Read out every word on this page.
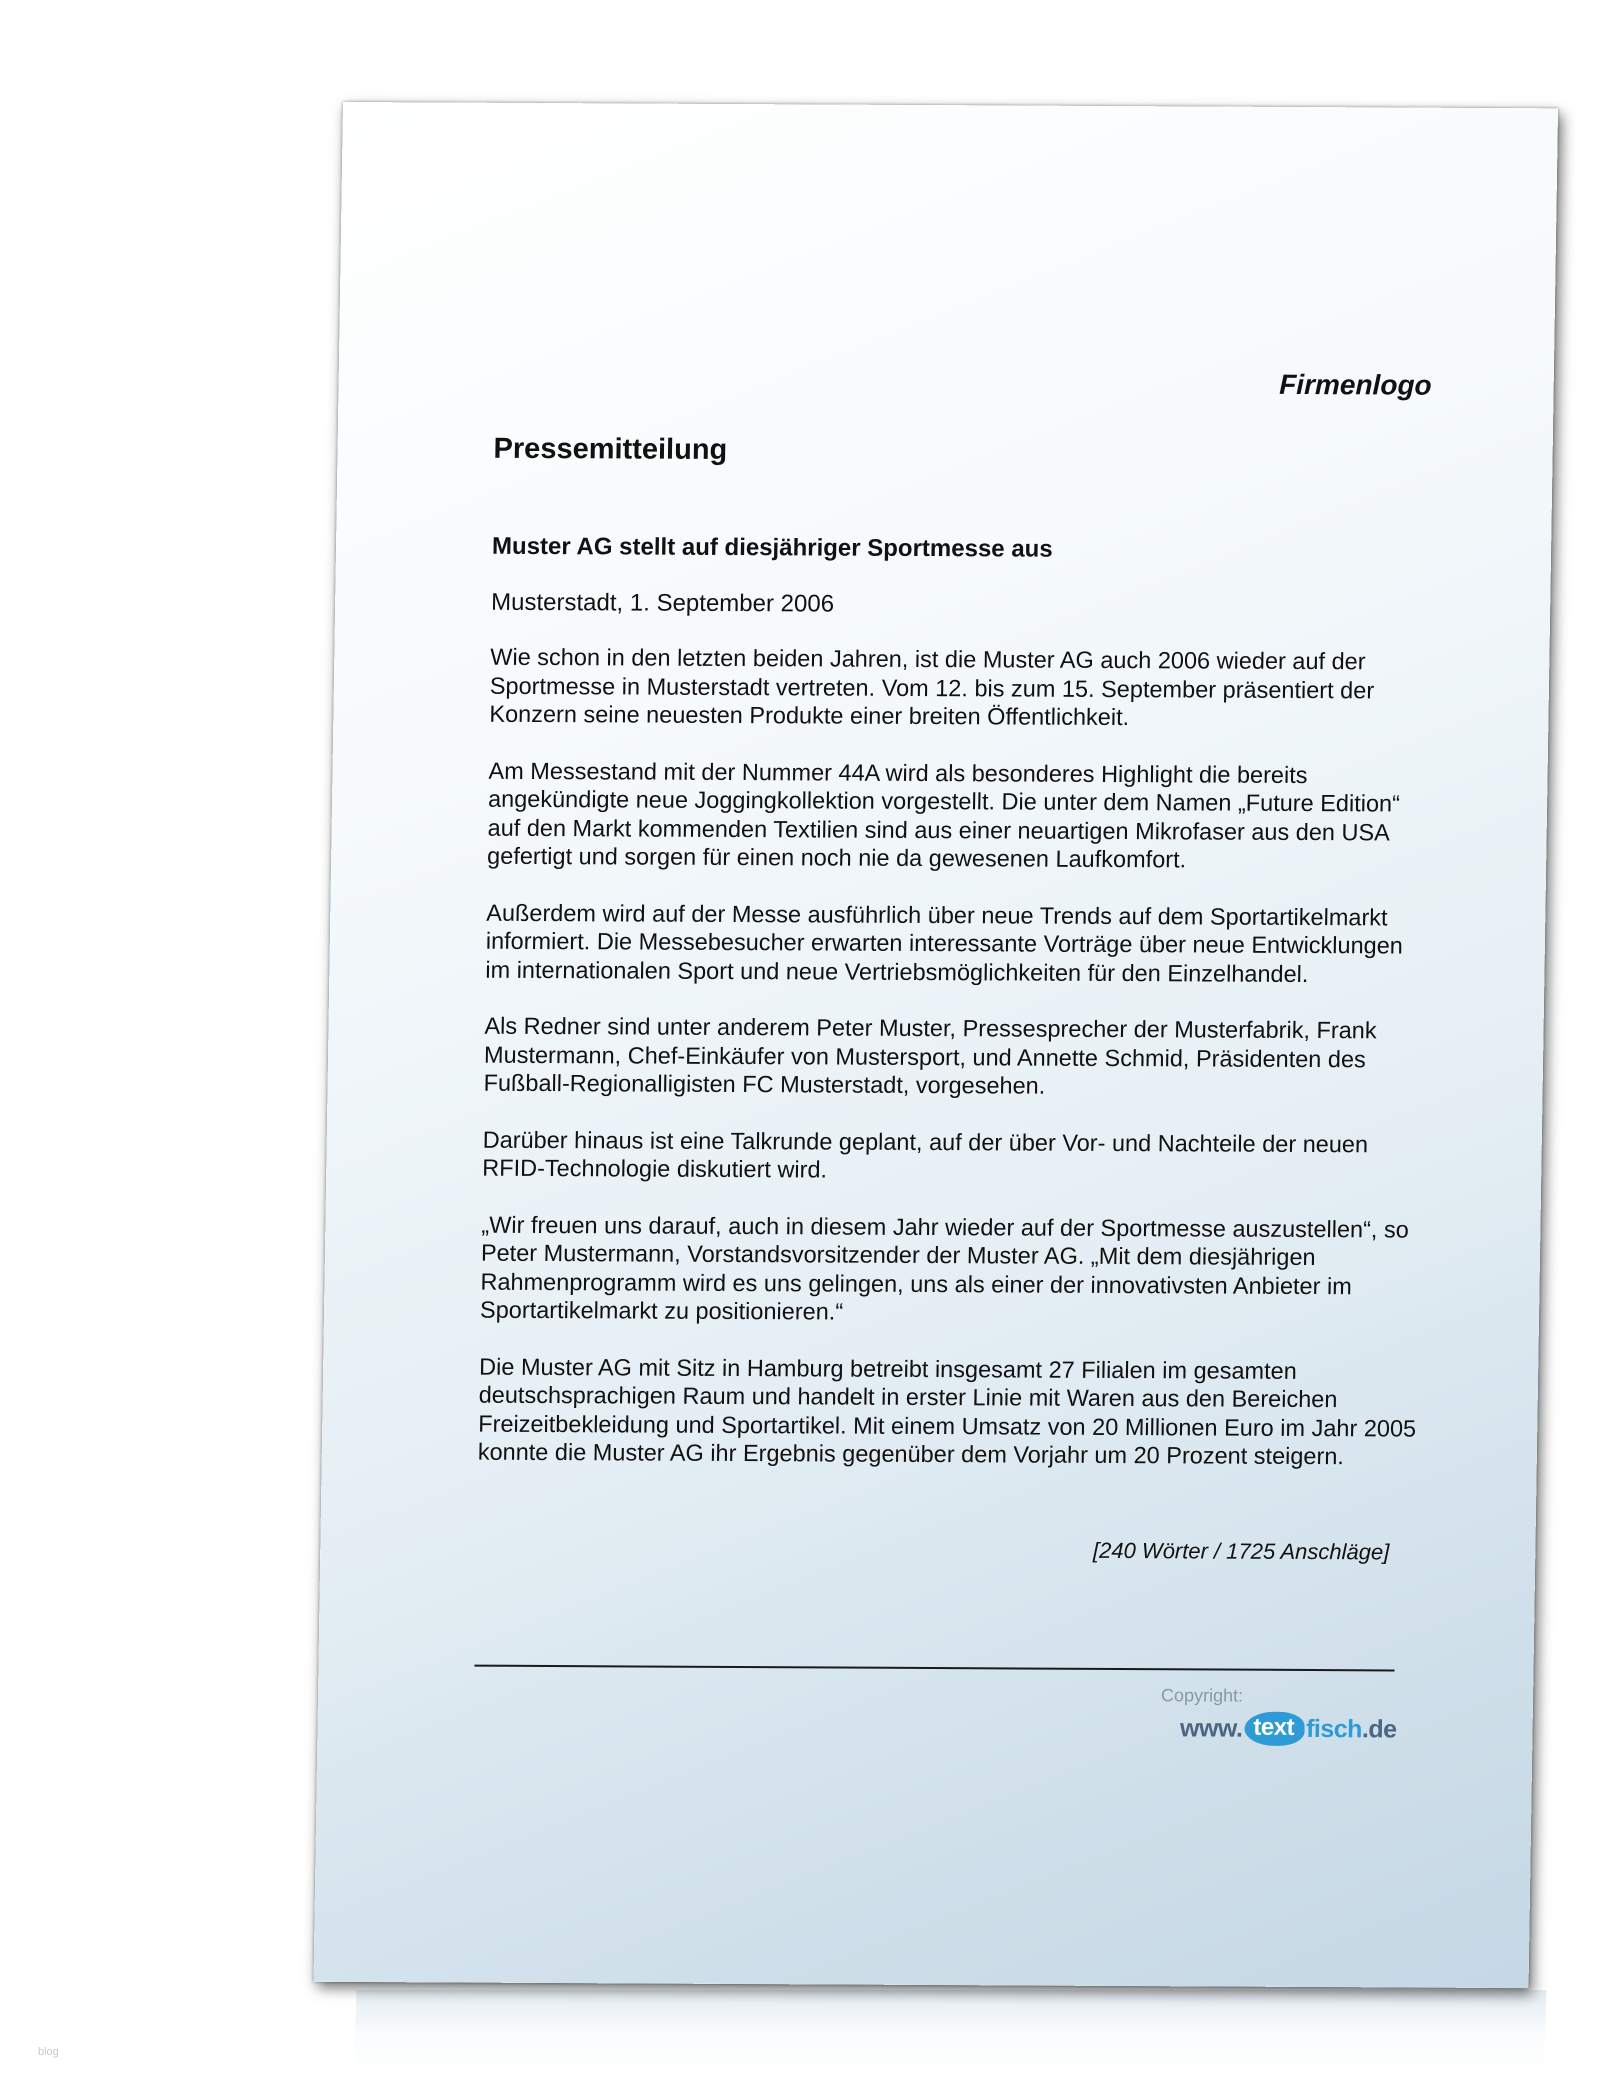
Firmenlogo
Pressemitteilung
Muster AG stellt auf diesjähriger Sportmesse aus
Musterstadt, 1. September 2006

Wie schon in den letzten beiden Jahren, ist die Muster AG auch 2006 wieder auf der Sportmesse in Musterstadt vertreten. Vom 12. bis zum 15. September präsentiert der Konzern seine neuesten Produkte einer breiten Öffentlichkeit.

Am Messestand mit der Nummer 44A wird als besonderes Highlight die bereits angekündigte neue Joggingkollektion vorgestellt. Die unter dem Namen „Future Edition“ auf den Markt kommenden Textilien sind aus einer neuartigen Mikrofaser aus den USA gefertigt und sorgen für einen noch nie da gewesenen Laufkomfort.

Außerdem wird auf der Messe ausführlich über neue Trends auf dem Sportartikelmarkt informiert. Die Messebesucher erwarten interessante Vorträge über neue Entwicklungen im internationalen Sport und neue Vertriebsmöglichkeiten für den Einzelhandel.

Als Redner sind unter anderem Peter Muster, Pressesprecher der Musterfabrik, Frank Mustermann, Chef-Einkäufer von Mustersport, und Annette Schmid, Präsidenten des Fußball-Regionalligisten FC Musterstadt, vorgesehen.

Darüber hinaus ist eine Talkrunde geplant, auf der über Vor- und Nachteile der neuen RFID-Technologie diskutiert wird.

„Wir freuen uns darauf, auch in diesem Jahr wieder auf der Sportmesse auszustellen“, so Peter Mustermann, Vorstandsvorsitzender der Muster AG. „Mit dem diesjährigen Rahmenprogramm wird es uns gelingen, uns als einer der innovativsten Anbieter im Sportartikelmarkt zu positionieren.“

Die Muster AG mit Sitz in Hamburg betreibt insgesamt 27 Filialen im gesamten deutschsprachigen Raum und handelt in erster Linie mit Waren aus den Bereichen Freizeitbekleidung und Sportartikel. Mit einem Umsatz von 20 Millionen Euro im Jahr 2005 konnte die Muster AG ihr Ergebnis gegenüber dem Vorjahr um 20 Prozent steigern.

[240 Wörter / 1725 Anschläge]
Copyright:
www. text fisch .de
blog
